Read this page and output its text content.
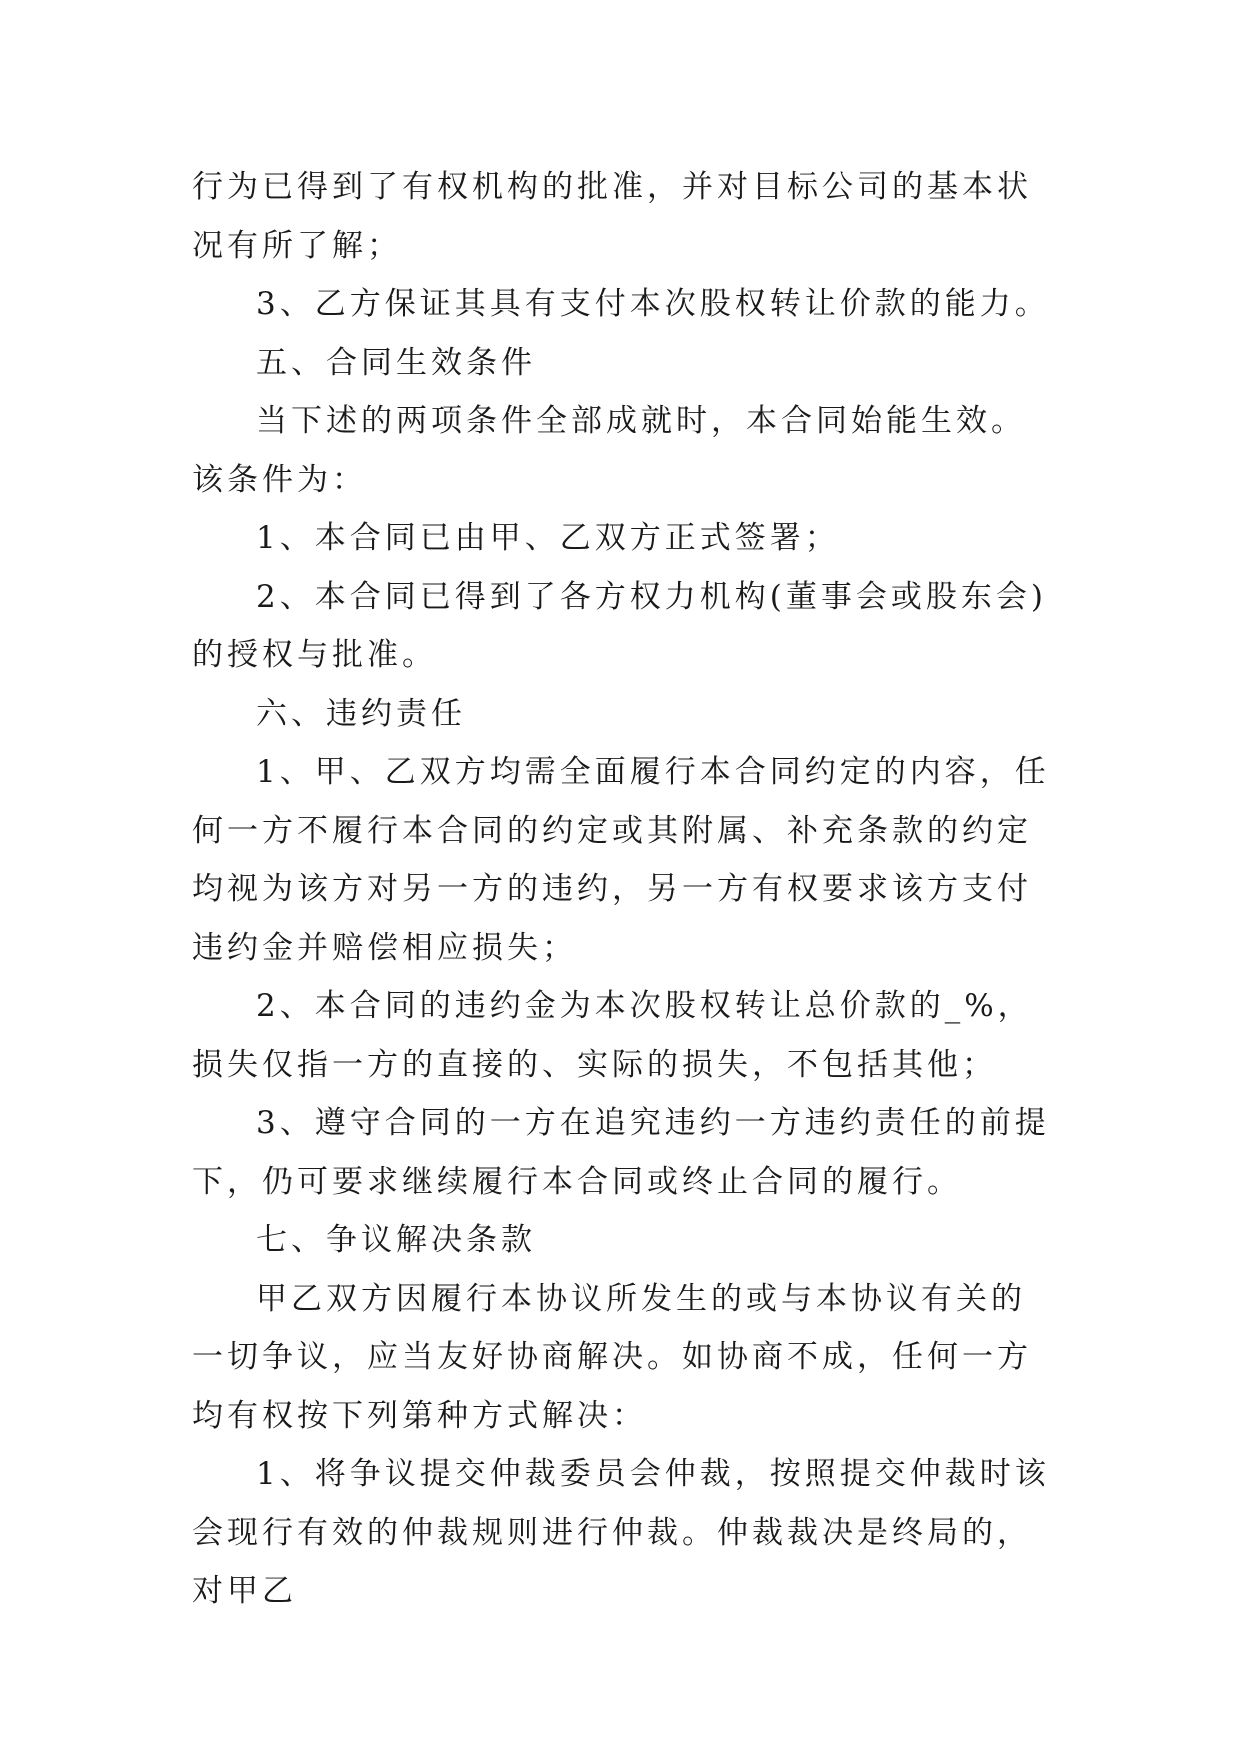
行为已得到了有权机构的批准，并对目标公司的基本状况有所了解；

3、乙方保证其具有支付本次股权转让价款的能力。

五、合同生效条件

当下述的两项条件全部成就时，本合同始能生效。该条件为：

1、本合同已由甲、乙双方正式签署；

2、本合同已得到了各方权力机构(董事会或股东会)的授权与批准。

六、违约责任

1、甲、乙双方均需全面履行本合同约定的内容，任何一方不履行本合同的约定或其附属、补充条款的约定均视为该方对另一方的违约，另一方有权要求该方支付违约金并赔偿相应损失；

2、本合同的违约金为本次股权转让总价款的_%，损失仅指一方的直接的、实际的损失，不包括其他；

3、遵守合同的一方在追究违约一方违约责任的前提下，仍可要求继续履行本合同或终止合同的履行。

七、争议解决条款

甲乙双方因履行本协议所发生的或与本协议有关的一切争议，应当友好协商解决。如协商不成，任何一方均有权按下列第种方式解决：

1、将争议提交仲裁委员会仲裁，按照提交仲裁时该会现行有效的仲裁规则进行仲裁。仲裁裁决是终局的，对甲乙
